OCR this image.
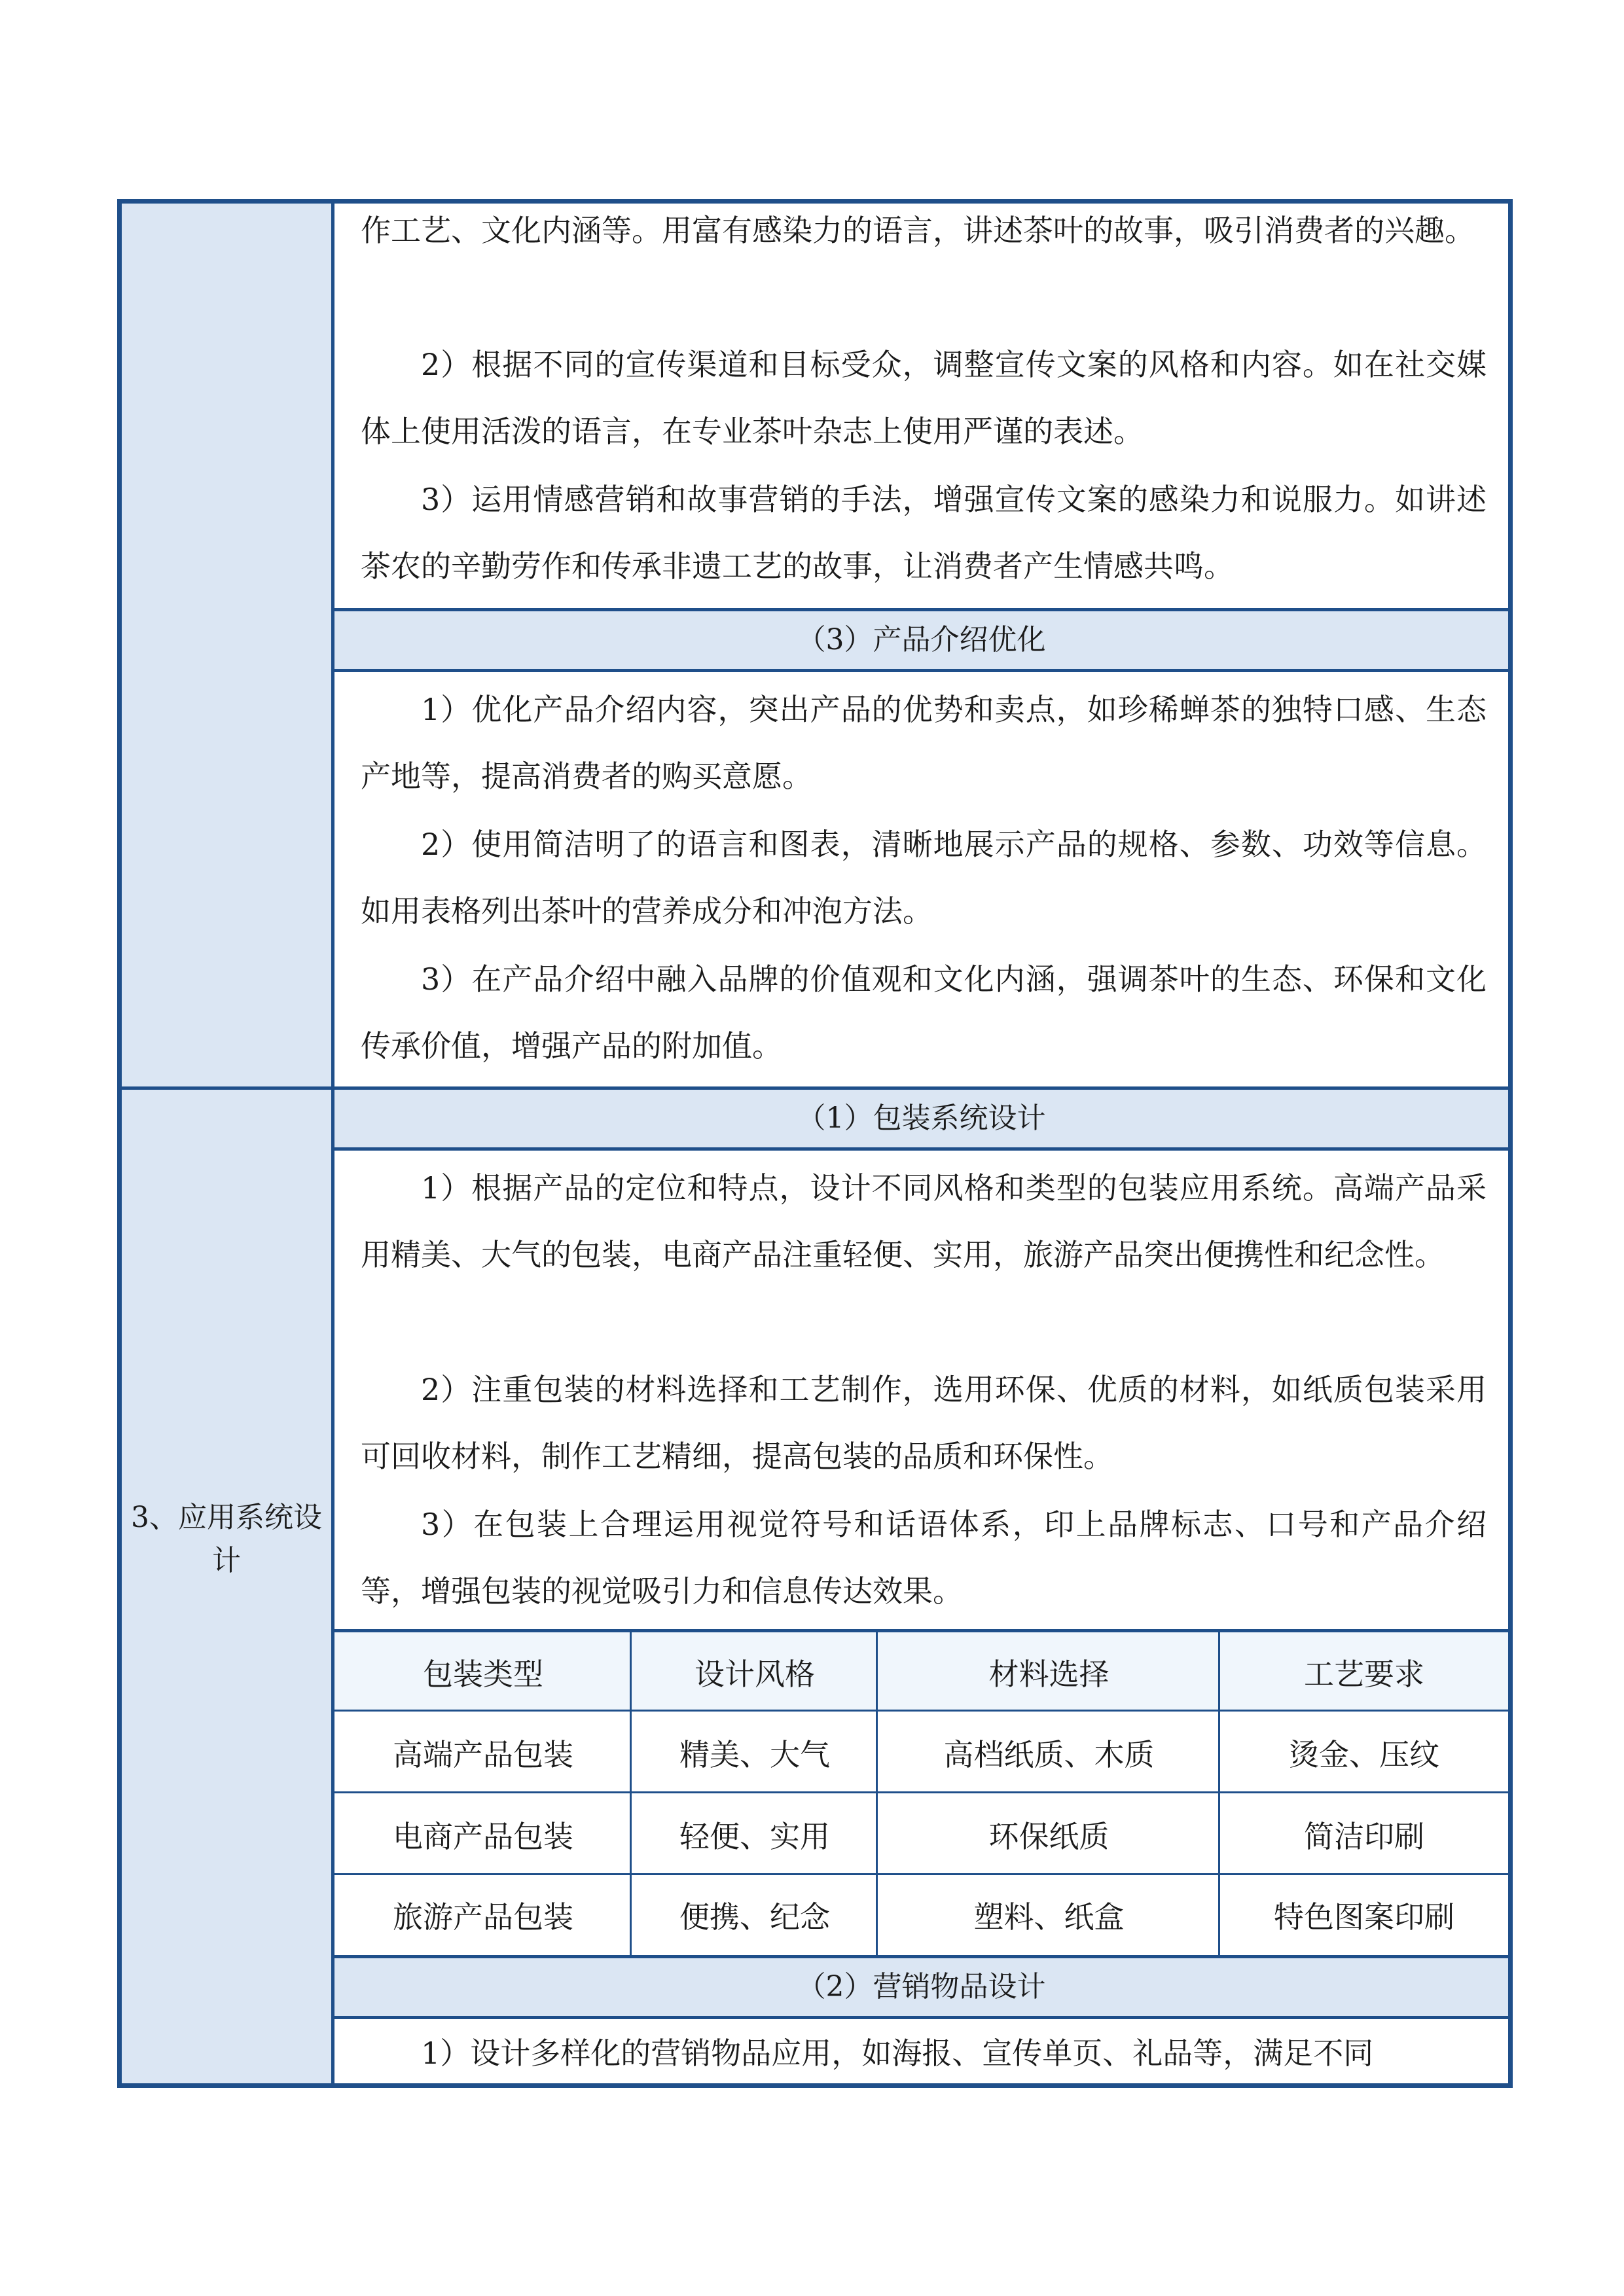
3、应用系统设计

作工艺、文化内涵等。用富有感染力的语言，讲述茶叶的故事，吸引消费者的兴趣。

2）根据不同的宣传渠道和目标受众，调整宣传文案的风格和内容。如在社交媒体上使用活泼的语言，在专业茶叶杂志上使用严谨的表述。

3）运用情感营销和故事营销的手法，增强宣传文案的感染力和说服力。如讲述茶农的辛勤劳作和传承非遗工艺的故事，让消费者产生情感共鸣。

（3）产品介绍优化

1）优化产品介绍内容，突出产品的优势和卖点，如珍稀蝉茶的独特口感、生态产地等，提高消费者的购买意愿。

2）使用简洁明了的语言和图表，清晰地展示产品的规格、参数、功效等信息。如用表格列出茶叶的营养成分和冲泡方法。

3）在产品介绍中融入品牌的价值观和文化内涵，强调茶叶的生态、环保和文化传承价值，增强产品的附加值。

（1）包装系统设计

1）根据产品的定位和特点，设计不同风格和类型的包装应用系统。高端产品采用精美、大气的包装，电商产品注重轻便、实用，旅游产品突出便携性和纪念性。

2）注重包装的材料选择和工艺制作，选用环保、优质的材料，如纸质包装采用可回收材料，制作工艺精细，提高包装的品质和环保性。

3）在包装上合理运用视觉符号和话语体系，印上品牌标志、口号和产品介绍等，增强包装的视觉吸引力和信息传达效果。

包装类型	设计风格	材料选择	工艺要求
高端产品包装	精美、大气	高档纸质、木质	烫金、压纹
电商产品包装	轻便、实用	环保纸质	简洁印刷
旅游产品包装	便携、纪念	塑料、纸盒	特色图案印刷
（2）营销物品设计

1）设计多样化的营销物品应用，如海报、宣传单页、礼品等，满足不同
